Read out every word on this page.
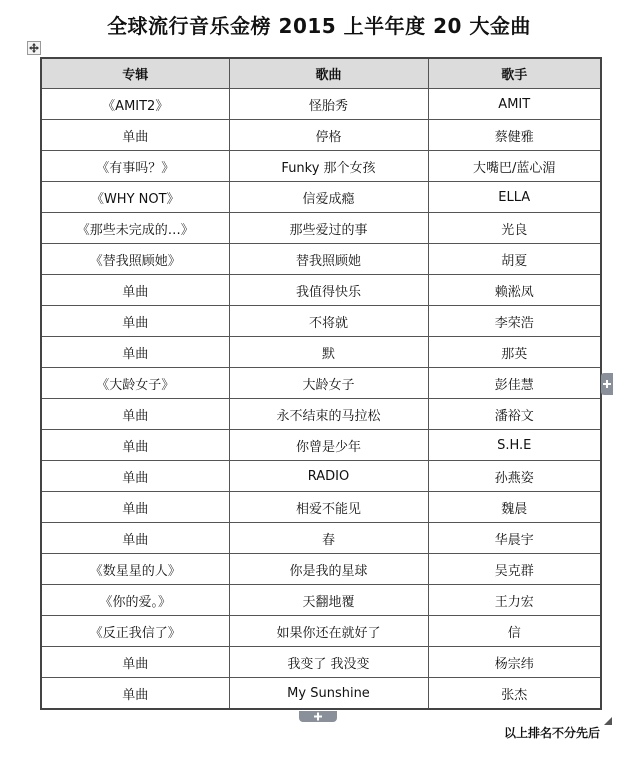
全球流行音乐金榜 2015 上半年度 20 大金曲
专辑	歌曲	歌手
《AMIT2》	怪胎秀	AMIT
单曲	停格	蔡健雅
《有事吗？》	Funky 那个女孩	大嘴巴/蓝心湄
《WHY NOT》	信爱成瘾	ELLA
《那些未完成的…》	那些爱过的事	光良
《替我照顾她》	替我照顾她	胡夏
单曲	我值得快乐	赖淞凤
单曲	不将就	李荣浩
单曲	默	那英
《大龄女子》	大龄女子	彭佳慧
单曲	永不结束的马拉松	潘裕文
单曲	你曾是少年	S.H.E
单曲	RADIO	孙燕姿
单曲	相爱不能见	魏晨
单曲	春	华晨宇
《数星星的人》	你是我的星球	吴克群
《你的爱。》	天翻地覆	王力宏
《反正我信了》	如果你还在就好了	信
单曲	我变了 我没变	杨宗纬
单曲	My Sunshine	张杰
以上排名不分先后
